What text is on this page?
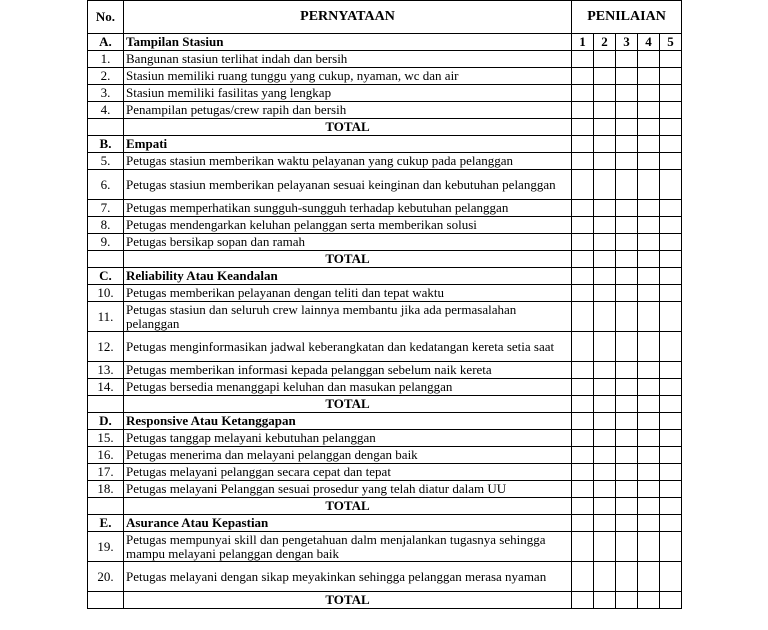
No.	PERNYATAAN	PENILAIAN				
A.	Tampilan Stasiun	1	2	3	4	5
1.	Bangunan stasiun terlihat indah dan bersih					
2.	Stasiun memiliki ruang tunggu yang cukup, nyaman, wc dan air					
3.	Stasiun memiliki fasilitas yang lengkap					
4.	Penampilan petugas/crew rapih dan bersih					
	TOTAL					
B.	Empati					
5.	Petugas stasiun memberikan waktu pelayanan yang cukup pada pelanggan					
6.	Petugas stasiun memberikan pelayanan sesuai keinginan dan kebutuhan pelanggan					
7.	Petugas memperhatikan sungguh-sungguh terhadap kebutuhan pelanggan					
8.	Petugas mendengarkan keluhan pelanggan serta memberikan solusi					
9.	Petugas bersikap sopan dan ramah					
	TOTAL					
C.	Reliability Atau Keandalan					
10.	Petugas memberikan pelayanan dengan teliti dan tepat waktu					
11.	Petugas stasiun dan seluruh crew lainnya membantu jika ada permasalahan pelanggan					
12.	Petugas menginformasikan jadwal keberangkatan dan kedatangan kereta setia saat					
13.	Petugas memberikan informasi kepada pelanggan sebelum naik kereta					
14.	Petugas bersedia menanggapi keluhan dan masukan pelanggan					
	TOTAL					
D.	Responsive Atau Ketanggapan					
15.	Petugas tanggap melayani kebutuhan pelanggan					
16.	Petugas menerima dan melayani pelanggan dengan baik					
17.	Petugas melayani pelanggan secara cepat dan tepat					
18.	Petugas melayani Pelanggan sesuai prosedur yang telah diatur dalam UU					
	TOTAL					
E.	Asurance Atau Kepastian					
19.	Petugas mempunyai skill dan pengetahuan dalm menjalankan tugasnya sehingga mampu melayani pelanggan dengan baik					
20.	Petugas melayani dengan sikap meyakinkan sehingga pelanggan merasa nyaman					
	TOTAL					
